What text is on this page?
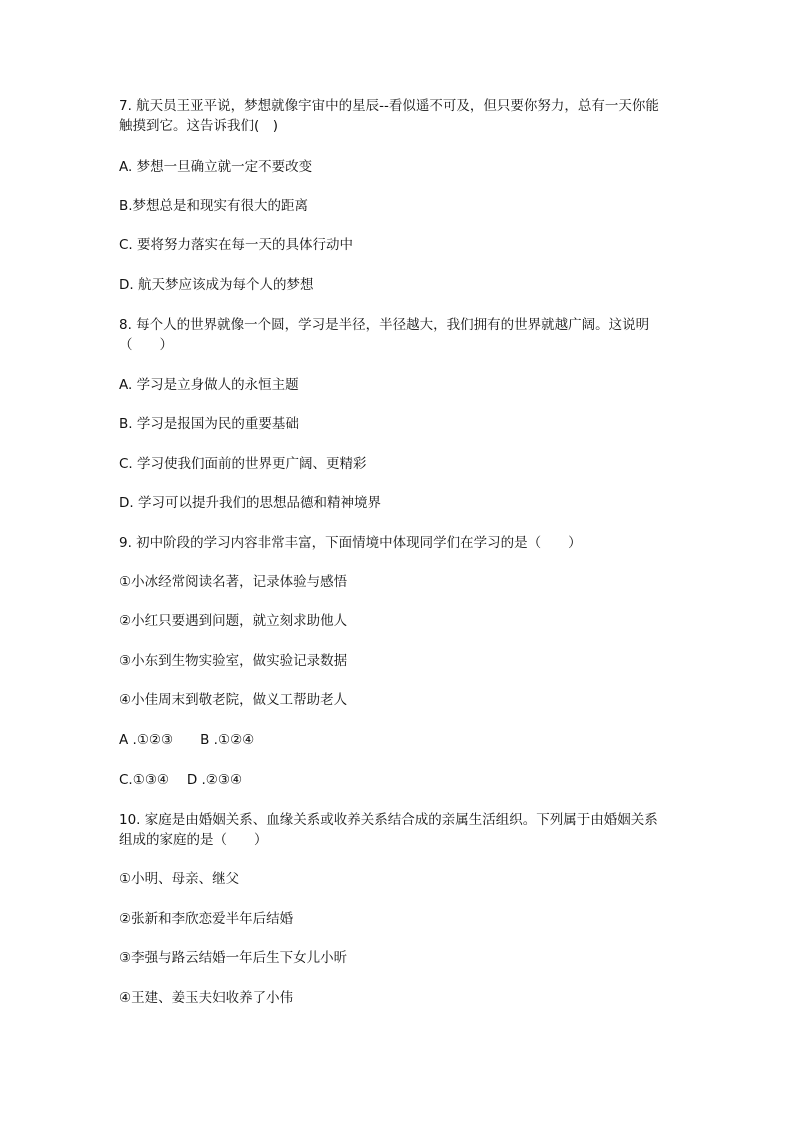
7. 航天员王亚平说，梦想就像宇宙中的星辰--看似遥不可及，但只要你努力，总有一天你能
触摸到它。这告诉我们(　)
A. 梦想一旦确立就一定不要改变
B.梦想总是和现实有很大的距离
C. 要将努力落实在每一天的具体行动中
D. 航天梦应该成为每个人的梦想
8. 每个人的世界就像一个圆，学习是半径，半径越大，我们拥有的世界就越广阔。这说明
（　　）
A. 学习是立身做人的永恒主题
B. 学习是报国为民的重要基础
C. 学习使我们面前的世界更广阔、更精彩
D. 学习可以提升我们的思想品德和精神境界
9. 初中阶段的学习内容非常丰富，下面情境中体现同学们在学习的是（　　）
①小冰经常阅读名著，记录体验与感悟
②小红只要遇到问题，就立刻求助他人
③小东到生物实验室，做实验记录数据
④小佳周末到敬老院，做义工帮助老人
A .①②③　　B .①②④
C.①③④　 D .②③④
10. 家庭是由婚姻关系、血缘关系或收养关系结合成的亲属生活组织。下列属于由婚姻关系
组成的家庭的是（　　）
①小明、母亲、继父
②张新和李欣恋爱半年后结婚
③李强与路云结婚一年后生下女儿小昕
④王建、姜玉夫妇收养了小伟
